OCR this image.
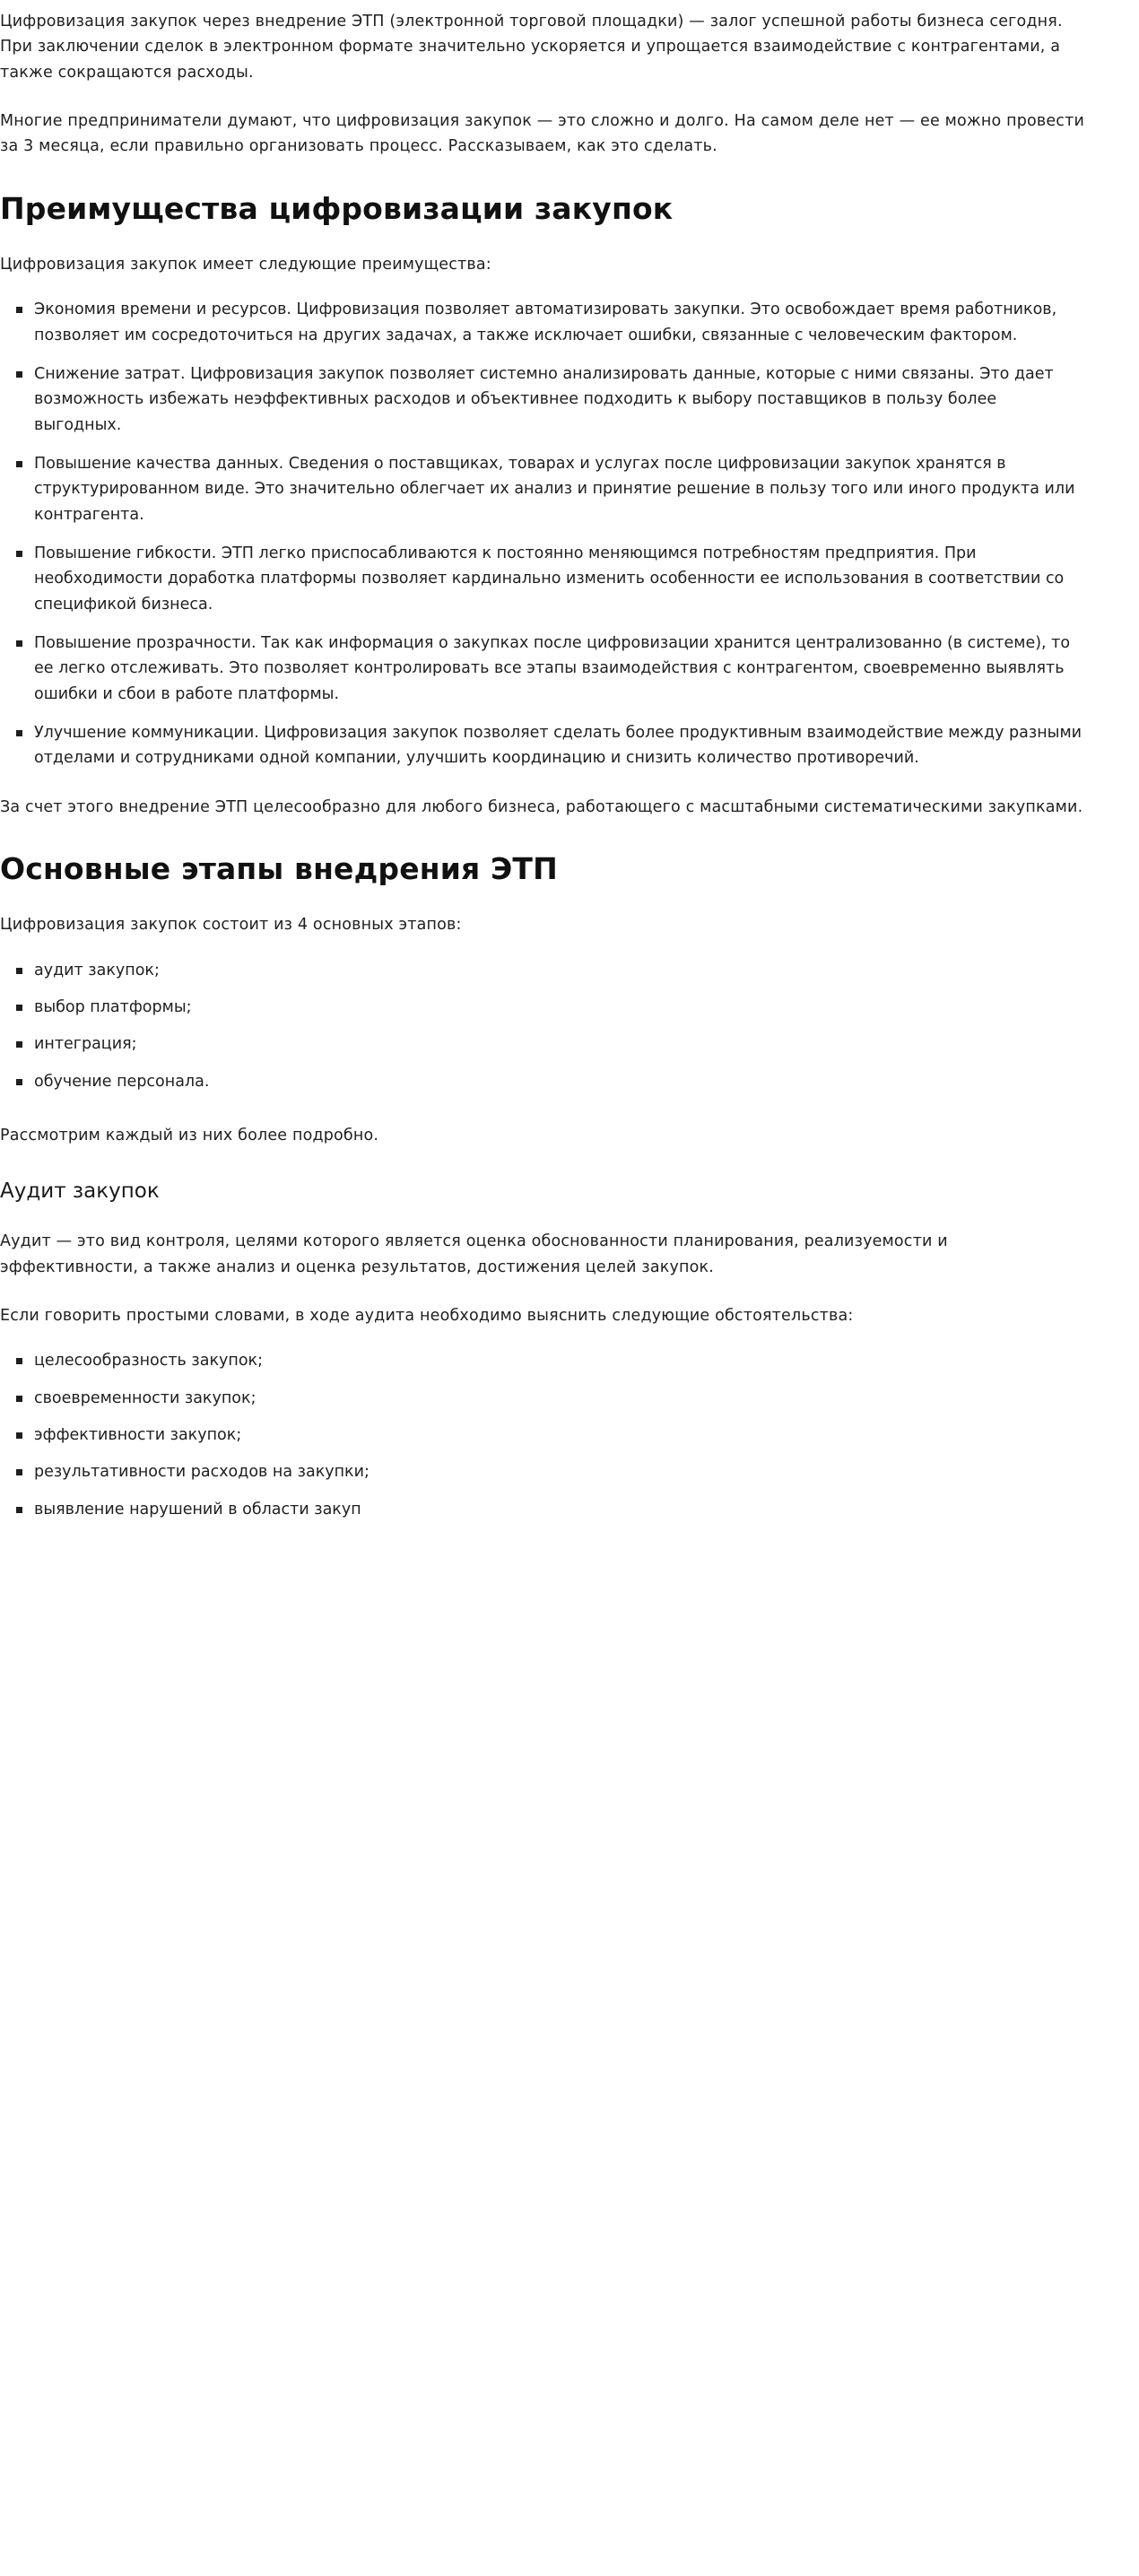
Цифровизация закупок через внедрение ЭТП (электронной торговой площадки) — залог успешной работы бизнеса сегодня. При заключении сделок в электронном формате значительно ускоряется и упрощается взаимодействие с контрагентами, а также сокращаются расходы.

Многие предприниматели думают, что цифровизация закупок — это сложно и долго. На самом деле нет — ее можно провести за 3 месяца, если правильно организовать процесс. Рассказываем, как это сделать.

Преимущества цифровизации закупок

Цифровизация закупок имеет следующие преимущества:

Экономия времени и ресурсов. Цифровизация позволяет автоматизировать закупки. Это освобождает время работников, позволяет им сосредоточиться на других задачах, а также исключает ошибки, связанные с человеческим фактором.
Снижение затрат. Цифровизация закупок позволяет системно анализировать данные, которые с ними связаны. Это дает возможность избежать неэффективных расходов и объективнее подходить к выбору поставщиков в пользу более выгодных.
Повышение качества данных. Сведения о поставщиках, товарах и услугах после цифровизации закупок хранятся в структурированном виде. Это значительно облегчает их анализ и принятие решение в пользу того или иного продукта или контрагента.
Повышение гибкости. ЭТП легко приспосабливаются к постоянно меняющимся потребностям предприятия. При необходимости доработка платформы позволяет кардинально изменить особенности ее использования в соответствии со спецификой бизнеса.
Повышение прозрачности. Так как информация о закупках после цифровизации хранится централизованно (в системе), то ее легко отслеживать. Это позволяет контролировать все этапы взаимодействия с контрагентом, своевременно выявлять ошибки и сбои в работе платформы.
Улучшение коммуникации. Цифровизация закупок позволяет сделать более продуктивным взаимодействие между разными отделами и сотрудниками одной компании, улучшить координацию и снизить количество противоречий.

За счет этого внедрение ЭТП целесообразно для любого бизнеса, работающего с масштабными систематическими закупками.

Основные этапы внедрения ЭТП

Цифровизация закупок состоит из 4 основных этапов:

аудит закупок;
выбор платформы;
интеграция;
обучение персонала.

Рассмотрим каждый из них более подробно.

Аудит закупок

Аудит — это вид контроля, целями которого является оценка обоснованности планирования, реализуемости и эффективности, а также анализ и оценка результатов, достижения целей закупок.

Если говорить простыми словами, в ходе аудита необходимо выяснить следующие обстоятельства:

целесообразность закупок;
своевременности закупок;
эффективности закупок;
результативности расходов на закупки;
выявление нарушений в области закуп
